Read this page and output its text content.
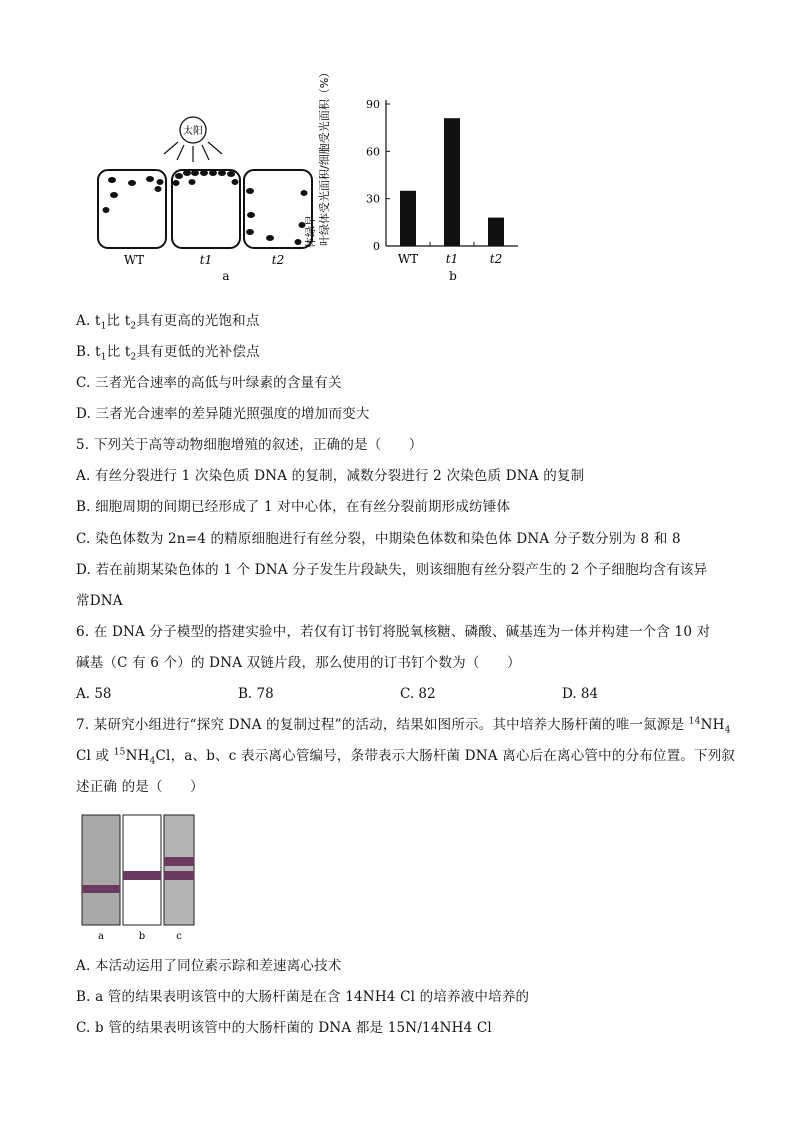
太阳
WT	t1	t2
a
叶绿体受光面积/细胞受光面积（%）
体绿早	0
30
60
90
WT t1	t2
b
A. $t_1$比 $t_2$具有更高的光饱和点
B. $t_1$比 $t_2$具有更低的光补偿点
C. 三者光合速率的高低与叶绿素的含量有关
D. 三者光合速率的差异随光照强度的增加而变大
5. 下列关于高等动物细胞增殖的叙述，正确的是（　　）
A. 有丝分裂进行 1 次染色质 DNA 的复制，减数分裂进行 2 次染色质 DNA 的复制
B. 细胞周期的间期已经形成了 1 对中心体，在有丝分裂前期形成纺锤体
C. 染色体数为 2n=4 的精原细胞进行有丝分裂，中期染色体数和染色体 DNA 分子数分别为 8 和 8
D. 若在前期某染色体的 1 个 DNA 分子发生片段缺失，则该细胞有丝分裂产生的 2 个子细胞均含有该异
常DNA
6. 在 DNA 分子模型的搭建实验中，若仅有订书钉将脱氧核糖、磷酸、碱基连为一体并构建一个含 10 对
碱基（C 有 6 个）的 DNA 双链片段，那么使用的订书钉个数为（　　）
A. 58	B. 78	C. 82	D. 84
7. 某研究小组进行“探究 DNA 的复制过程”的活动，结果如图所示。其中培养大肠杆菌的唯一氮源是 $^{14}NH_4$
Cl 或 $^{15}NH_4Cl$，a、b、c 表示离心管编号，条带表示大肠杆菌 DNA 离心后在离心管中的分布位置。下列叙
述正确 的是（　　）
a	b	c
A. 本活动运用了同位素示踪和差速离心技术
B. a 管的结果表明该管中的大肠杆菌是在含 14NH4 Cl 的培养液中培养的
C. b 管的结果表明该管中的大肠杆菌的 DNA 都是 15N/14NH4 Cl
